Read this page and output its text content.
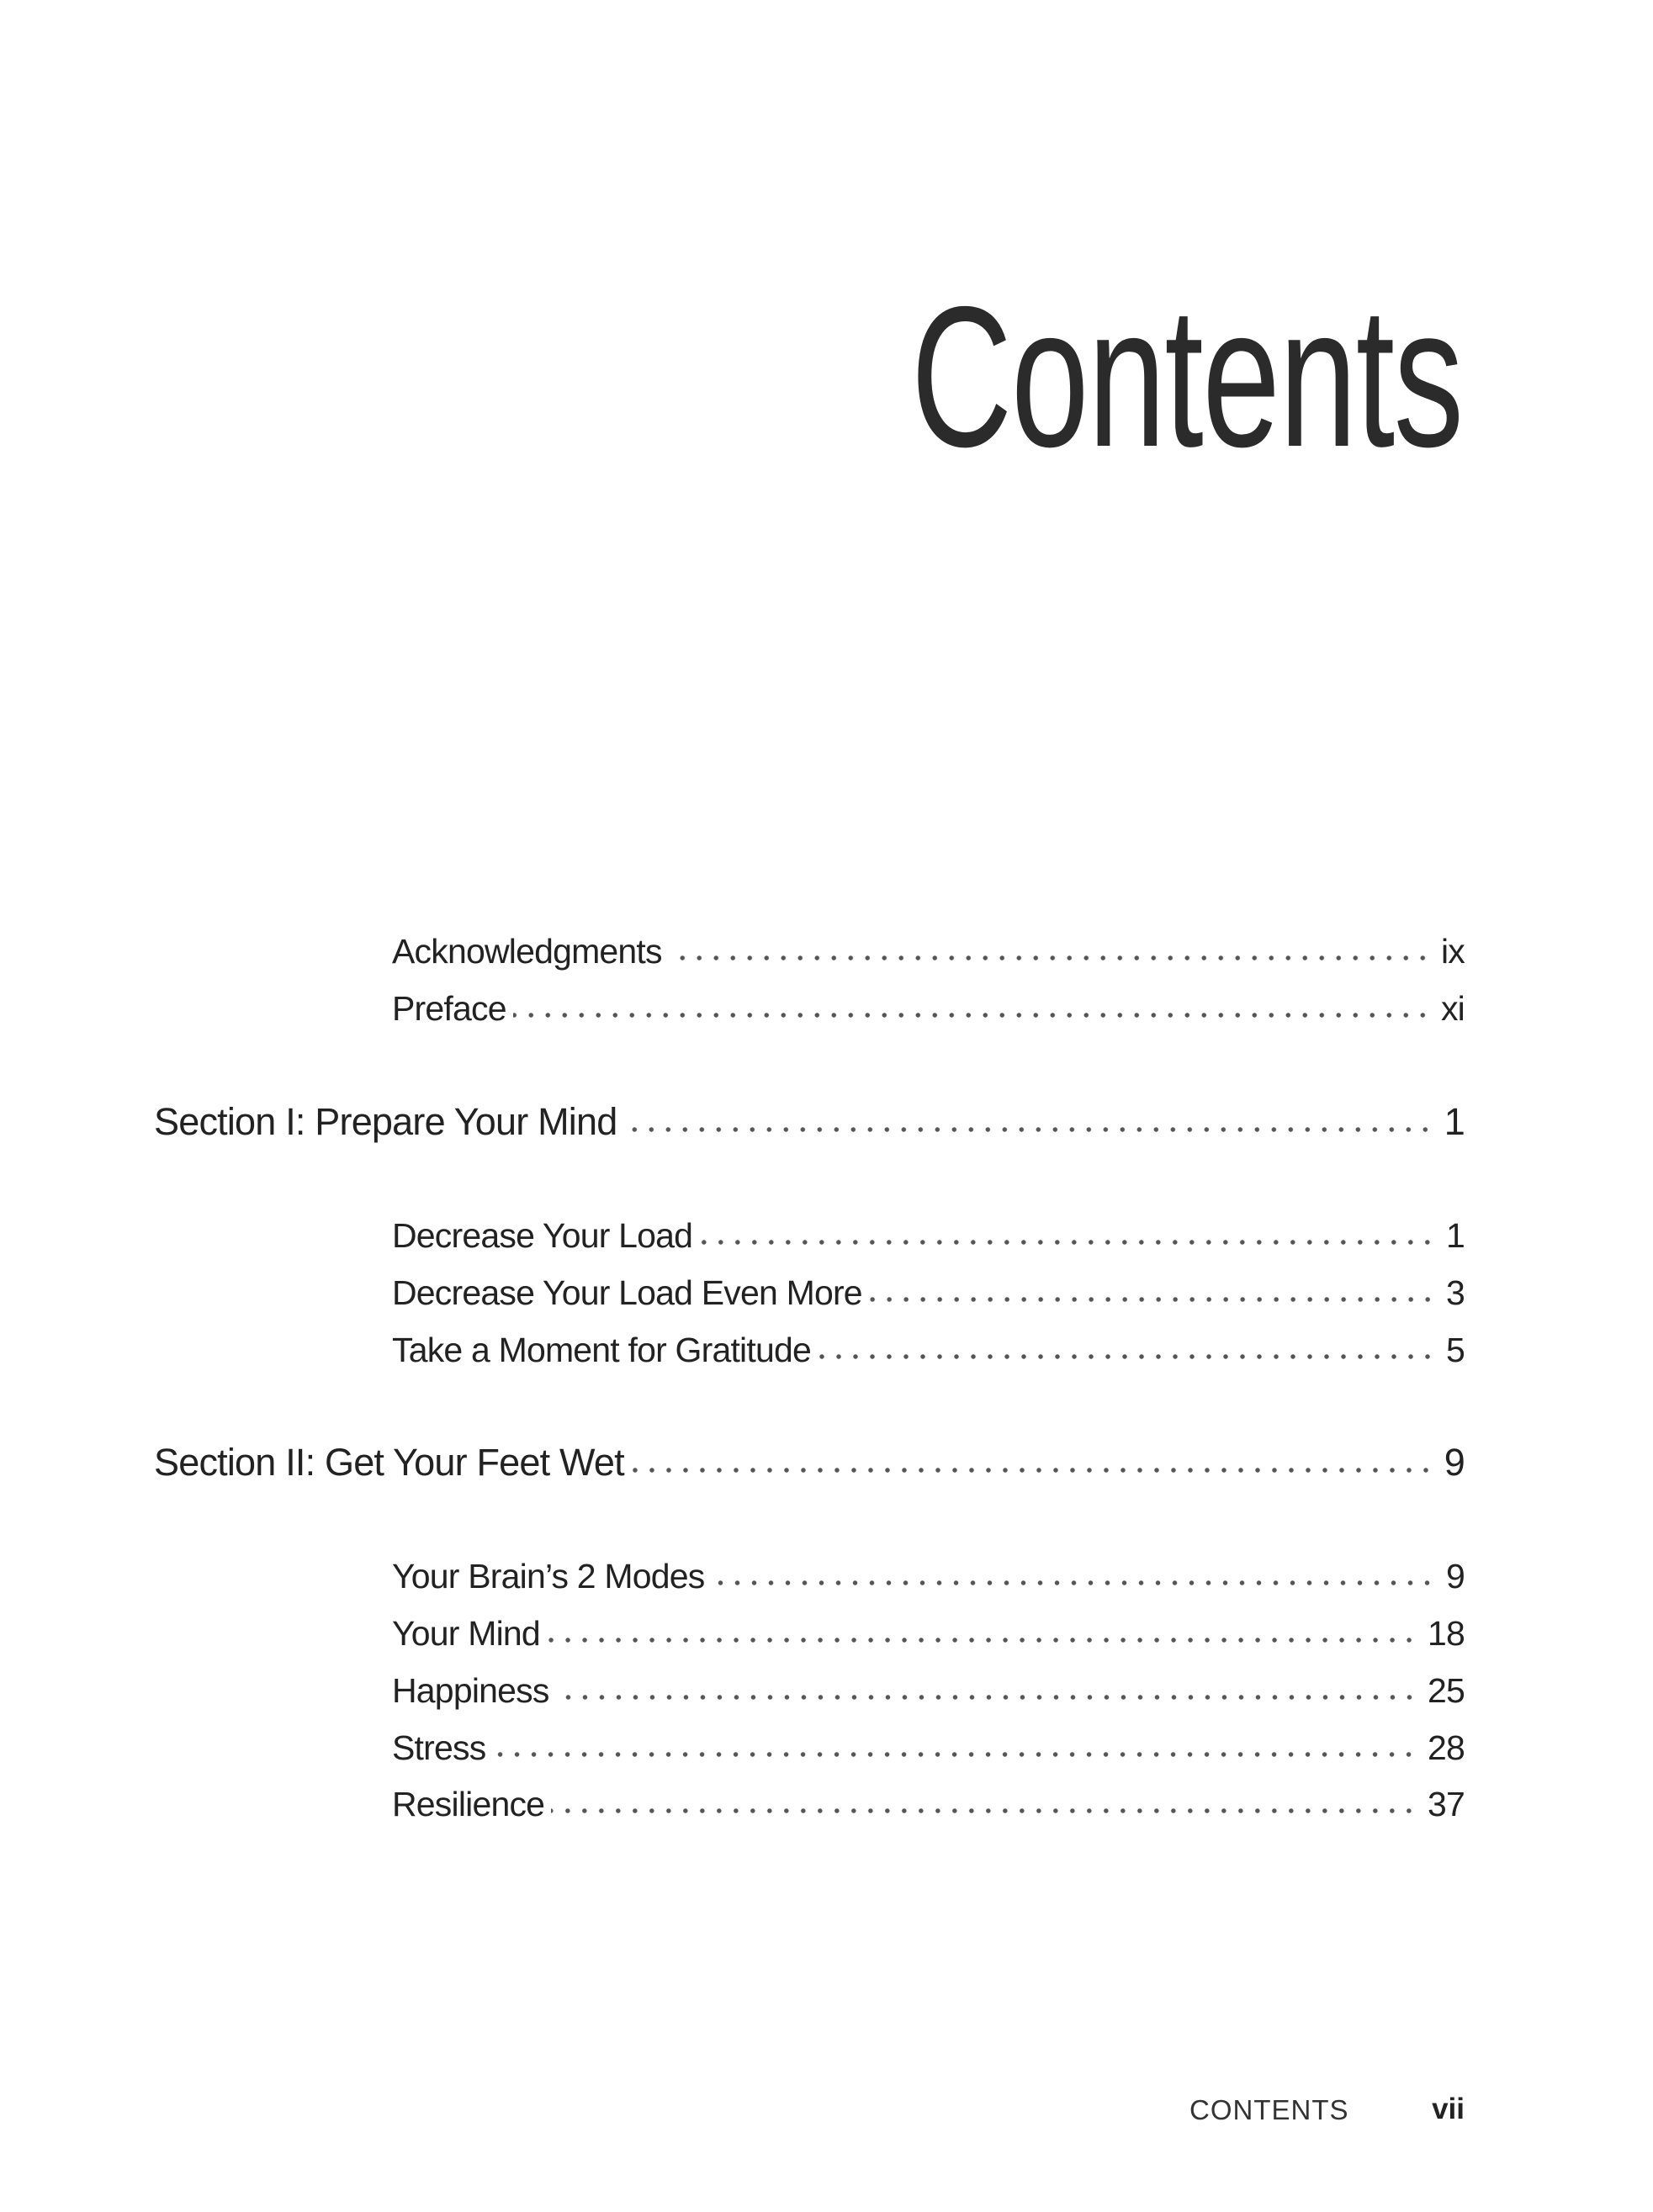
Contents
Acknowledgments	ix
Preface	xi
Section I: Prepare Your Mind	1
Decrease Your Load	1
Decrease Your Load Even More	3
Take a Moment for Gratitude	5
Section II: Get Your Feet Wet	9
Your Brain’s 2 Modes	9
Your Mind	18
Happiness	25
Stress	28
Resilience	37
CONTENTS	vii
